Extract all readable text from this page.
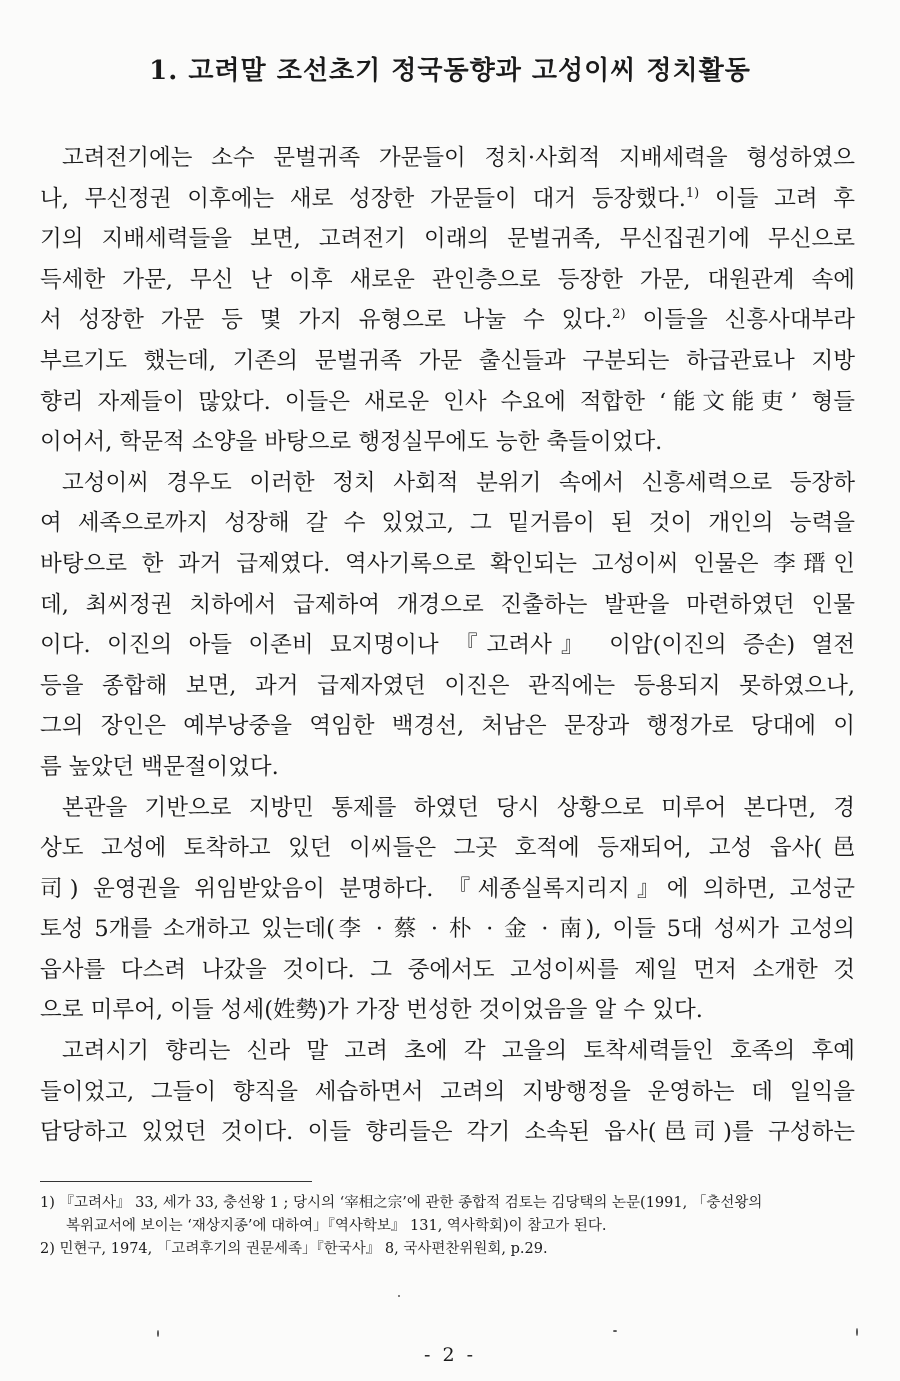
1. 고려말 조선초기 정국동향과 고성이씨 정치활동
고려전기에는 소수 문벌귀족 가문들이 정치·사회적 지배세력을 형성하였으
나, 무신정권 이후에는 새로 성장한 가문들이 대거 등장했다.$^{1)}$ 이들 고려 후
기의 지배세력들을 보면, 고려전기 이래의 문벌귀족, 무신집권기에 무신으로
득세한 가문, 무신 난 이후 새로운 관인층으로 등장한 가문, 대원관계 속에
서 성장한 가문 등 몇 가지 유형으로 나눌 수 있다.$^{2)}$ 이들을 신흥사대부라
부르기도 했는데, 기존의 문벌귀족 가문 출신들과 구분되는 하급관료나 지방
향리 자제들이 많았다. 이들은 새로운 인사 수요에 적합한 ‘能文能吏’ 형들
이어서, 학문적 소양을 바탕으로 행정실무에도 능한 축들이었다.
고성이씨 경우도 이러한 정치 사회적 분위기 속에서 신흥세력으로 등장하
여 세족으로까지 성장해 갈 수 있었고, 그 밑거름이 된 것이 개인의 능력을
바탕으로 한 과거 급제였다. 역사기록으로 확인되는 고성이씨 인물은 李瑨인
데, 최씨정권 치하에서 급제하여 개경으로 진출하는 발판을 마련하였던 인물
이다. 이진의 아들 이존비 묘지명이나 『고려사』 이암(이진의 증손) 열전
등을 종합해 보면, 과거 급제자였던 이진은 관직에는 등용되지 못하였으나,
그의 장인은 예부낭중을 역임한 백경선, 처남은 문장과 행정가로 당대에 이
름 높았던 백문절이었다.
본관을 기반으로 지방민 통제를 하였던 당시 상황으로 미루어 본다면, 경
상도 고성에 토착하고 있던 이씨들은 그곳 호적에 등재되어, 고성 읍사(邑
司) 운영권을 위임받았음이 분명하다. 『세종실록지리지』에 의하면, 고성군
토성 5개를 소개하고 있는데(李 · 蔡 · 朴 · 金 · 南), 이들 5대 성씨가 고성의
읍사를 다스려 나갔을 것이다. 그 중에서도 고성이씨를 제일 먼저 소개한 것
으로 미루어, 이들 성세(姓勢)가 가장 번성한 것이었음을 알 수 있다.
고려시기 향리는 신라 말 고려 초에 각 고을의 토착세력들인 호족의 후예
들이었고, 그들이 향직을 세습하면서 고려의 지방행정을 운영하는 데 일익을
담당하고 있었던 것이다. 이들 향리들은 각기 소속된 읍사(邑司)를 구성하는
1) 『고려사』 33, 세가 33, 충선왕 1 ; 당시의 ‘宰相之宗’에 관한 종합적 검토는 김당택의 논문(1991, 「충선왕의
복위교서에 보이는 ‘재상지종’에 대하여」『역사학보』 131, 역사학회)이 참고가 된다.
2) 민현구, 1974, 「고려후기의 권문세족」『한국사』 8, 국사편찬위원회, p.29.
- 2 -
